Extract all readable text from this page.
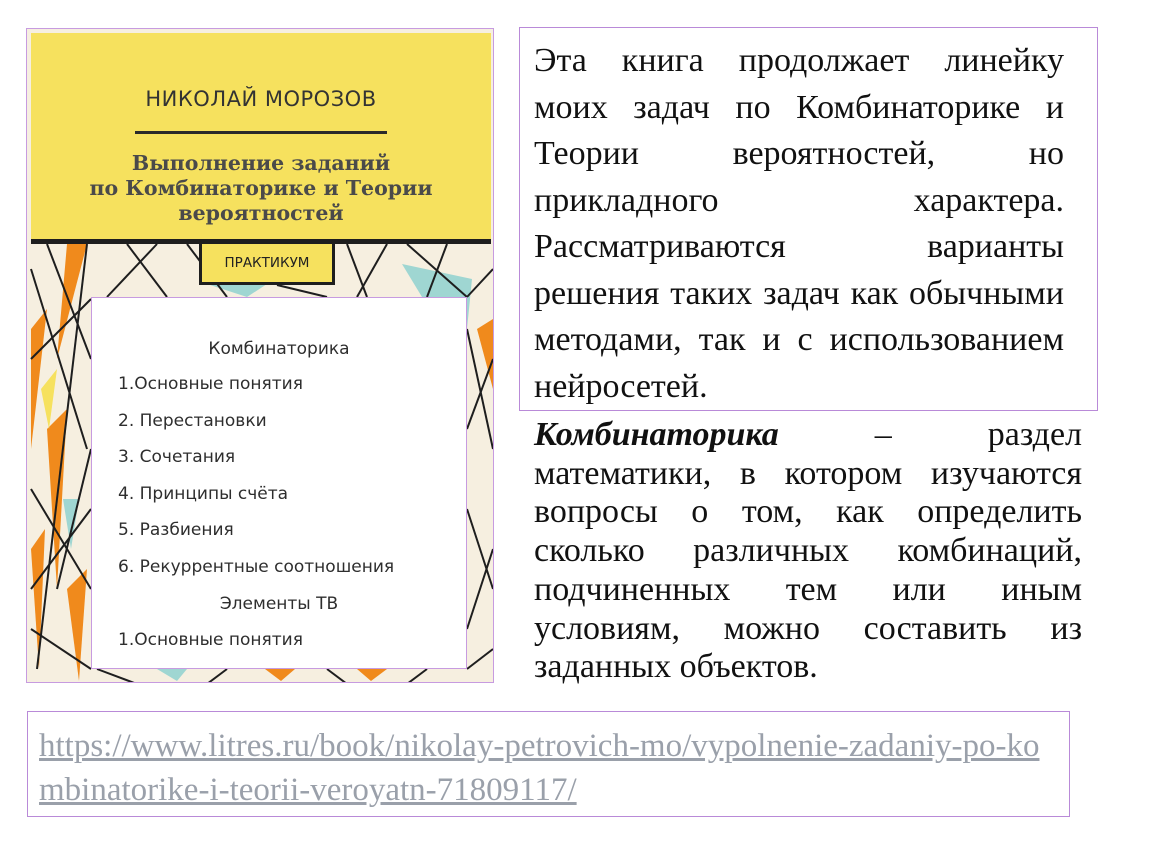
НИКОЛАЙ МОРОЗОВ
Выполнение заданий
по Комбинаторике и Теории
вероятностей
ПРАКТИКУМ
Комбинаторика
1.Основные понятия
2. Перестановки
3. Сочетания
4. Принципы счёта
5. Разбиения
6. Рекуррентные соотношения
Элементы ТВ
1.Основные понятия

Эта книга продолжает линейку моих задач по Комбинаторике и Теории вероятностей, но прикладного характера. Рассматриваются варианты решения таких задач как обычными методами, так и с использованием нейросетей.

Комбинаторика – раздел математики, в котором изучаются вопросы о том, как определить сколько различных комбинаций, подчиненных тем или иным условиям, можно составить из заданных объектов.

https://www.litres.ru/book/nikolay-petrovich-mo/vypolnenie-zadaniy-po-kombinatorike-i-teorii-veroyatn-71809117/
